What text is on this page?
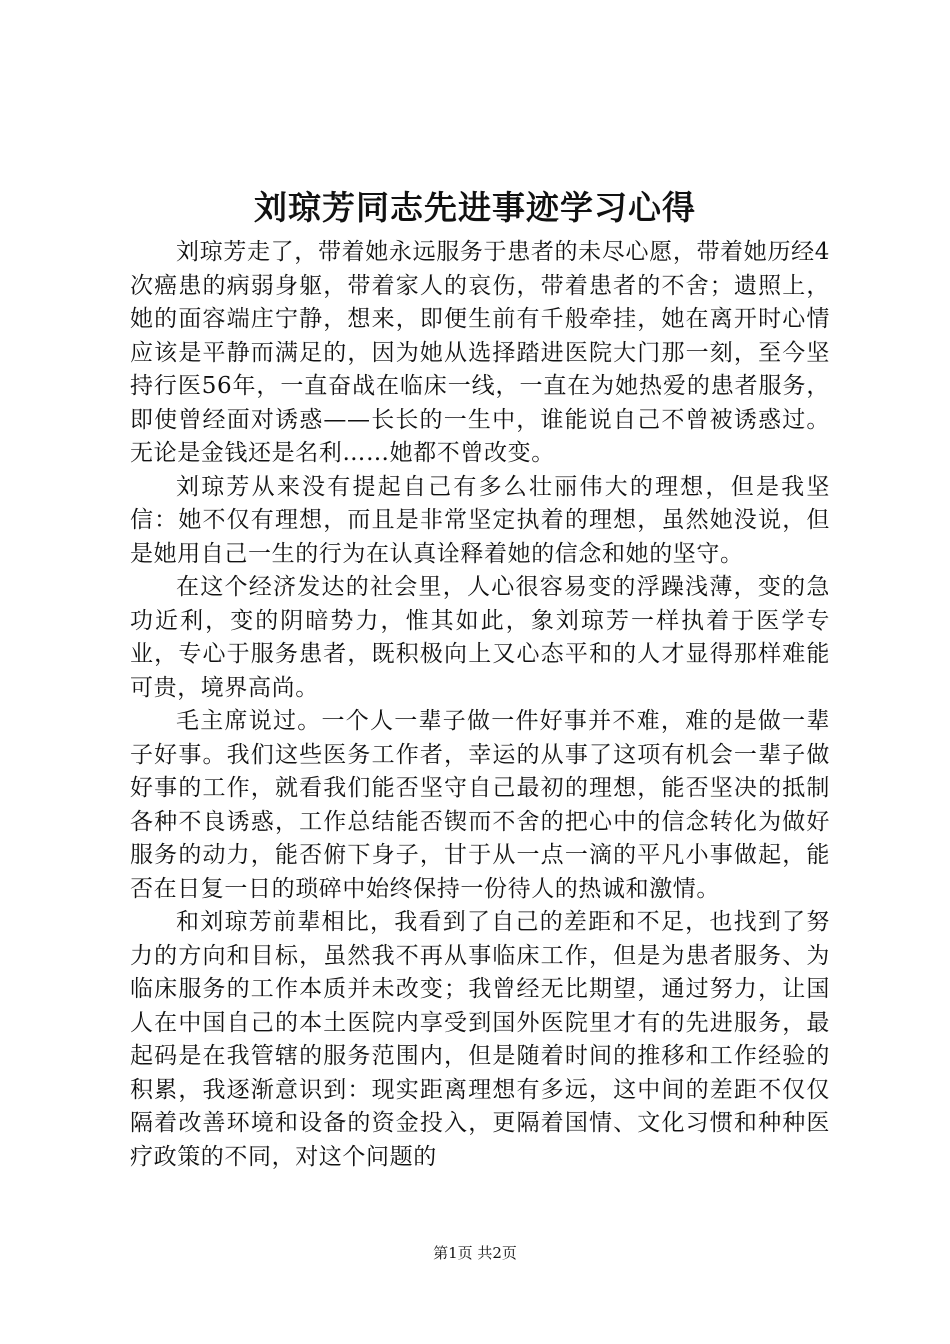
刘琼芳同志先进事迹学习心得

刘琼芳走了，带着她永远服务于患者的未尽心愿，带着她历经4次癌患的病弱身躯，带着家人的哀伤，带着患者的不舍；遗照上，她的面容端庄宁静，想来，即便生前有千般牵挂，她在离开时心情应该是平静而满足的，因为她从选择踏进医院大门那一刻，至今坚持行医56年，一直奋战在临床一线，一直在为她热爱的患者服务，即使曾经面对诱惑——长长的一生中，谁能说自己不曾被诱惑过。无论是金钱还是名利……她都不曾改变。

刘琼芳从来没有提起自己有多么壮丽伟大的理想，但是我坚信：她不仅有理想，而且是非常坚定执着的理想，虽然她没说，但是她用自己一生的行为在认真诠释着她的信念和她的坚守。

在这个经济发达的社会里，人心很容易变的浮躁浅薄，变的急功近利，变的阴暗势力，惟其如此，象刘琼芳一样执着于医学专业，专心于服务患者，既积极向上又心态平和的人才显得那样难能可贵，境界高尚。

毛主席说过。一个人一辈子做一件好事并不难，难的是做一辈子好事。我们这些医务工作者，幸运的从事了这项有机会一辈子做好事的工作，就看我们能否坚守自己最初的理想，能否坚决的抵制各种不良诱惑，工作总结能否锲而不舍的把心中的信念转化为做好服务的动力，能否俯下身子，甘于从一点一滴的平凡小事做起，能否在日复一日的琐碎中始终保持一份待人的热诚和激情。

和刘琼芳前辈相比，我看到了自己的差距和不足，也找到了努力的方向和目标，虽然我不再从事临床工作，但是为患者服务、为临床服务的工作本质并未改变；我曾经无比期望，通过努力，让国人在中国自己的本土医院内享受到国外医院里才有的先进服务，最起码是在我管辖的服务范围内，但是随着时间的推移和工作经验的积累，我逐渐意识到：现实距离理想有多远，这中间的差距不仅仅隔着改善环境和设备的资金投入，更隔着国情、文化习惯和种种医疗政策的不同，对这个问题的

第1页 共2页
